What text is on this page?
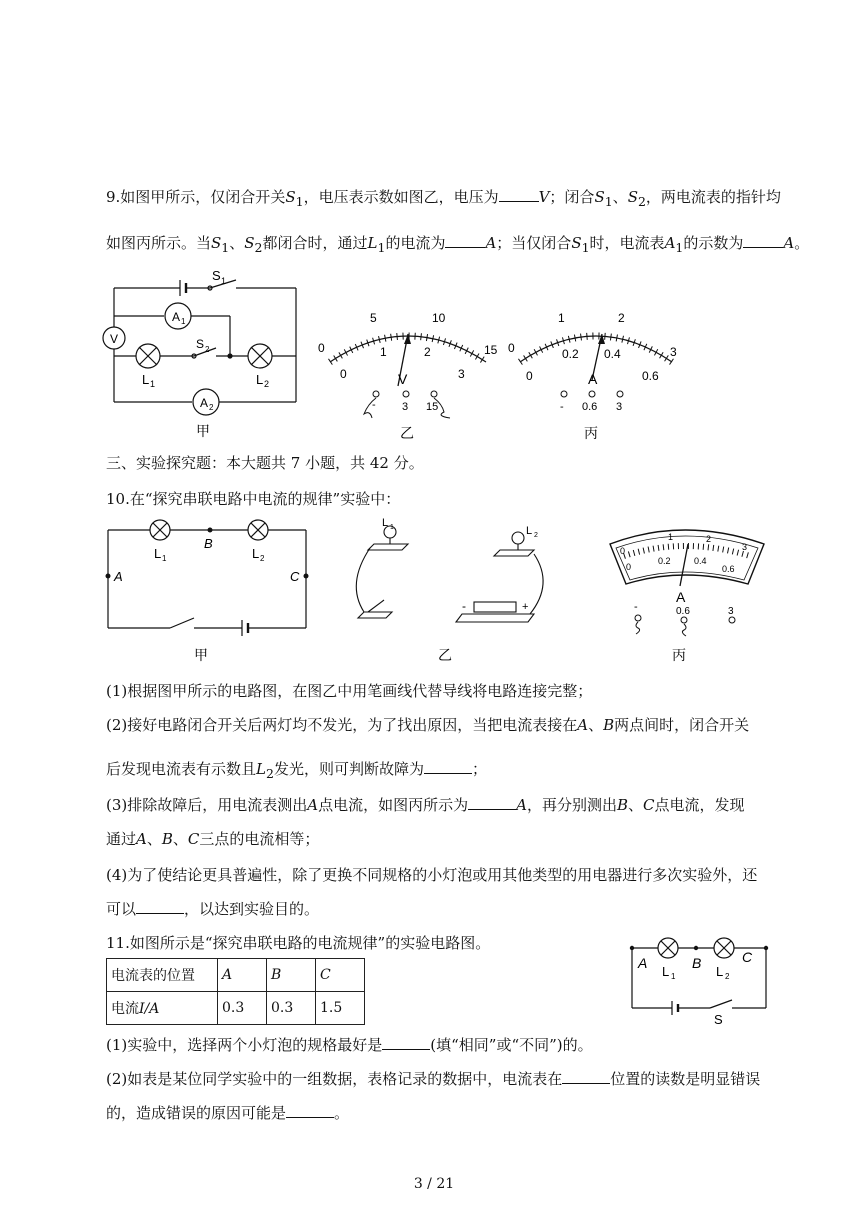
9.如图甲所示，仅闭合开关$S_1$，电压表示数如图乙，电压为	V；闭合$S_1$、$S_2$，两电流表的指针均
如图丙所示。当$S_1$、$S_2$都闭合时，通过$L_1$的电流为	A；当仅闭合$S_1$时，电流表$A_1$的示数为	A。
S 1
A 1
V	S 2
L 1	L 2
A 2
甲
0
5	10
15
0
1	2
3
V
- 3 15
乙
0
1	2
3
0
0.2 0.4
0.6
A
- 0.6 3
丙
三、实验探究题：本大题共 7 小题，共 42 分。
10.在“探究串联电路中电流的规律”实验中：
L 1
B
L 2
A	C
甲
L 1	L 2
-	+
乙
0
1	2
3
0
0.2	0.4
0.6
A
-	0.6	3
丙
(1)根据图甲所示的电路图，在图乙中用笔画线代替导线将电路连接完整；
(2)接好电路闭合开关后两灯均不发光，为了找出原因，当把电流表接在A、B两点间时，闭合开关
后发现电流表有示数且$L_2$发光，则可判断故障为	；
(3)排除故障后，用电流表测出A点电流，如图丙所示为	A，再分别测出B、C点电流，发现
通过A、B、C三点的电流相等；
(4)为了使结论更具普遍性，除了更换不同规格的小灯泡或用其他类型的用电器进行多次实验外，还
可以	，以达到实验目的。
11.如图所示是“探究串联电路的电流规律”的实验电路图。
电流表的位置	A	B	C
电流I/A	0.3	0.3	1.5
A
L 1
B
L 2
C
S
(1)实验中，选择两个小灯泡的规格最好是	(填“相同”或“不同”)的。
(2)如表是某位同学实验中的一组数据，表格记录的数据中，电流表在	位置的读数是明显错误
的，造成错误的原因可能是	。
3 / 21
